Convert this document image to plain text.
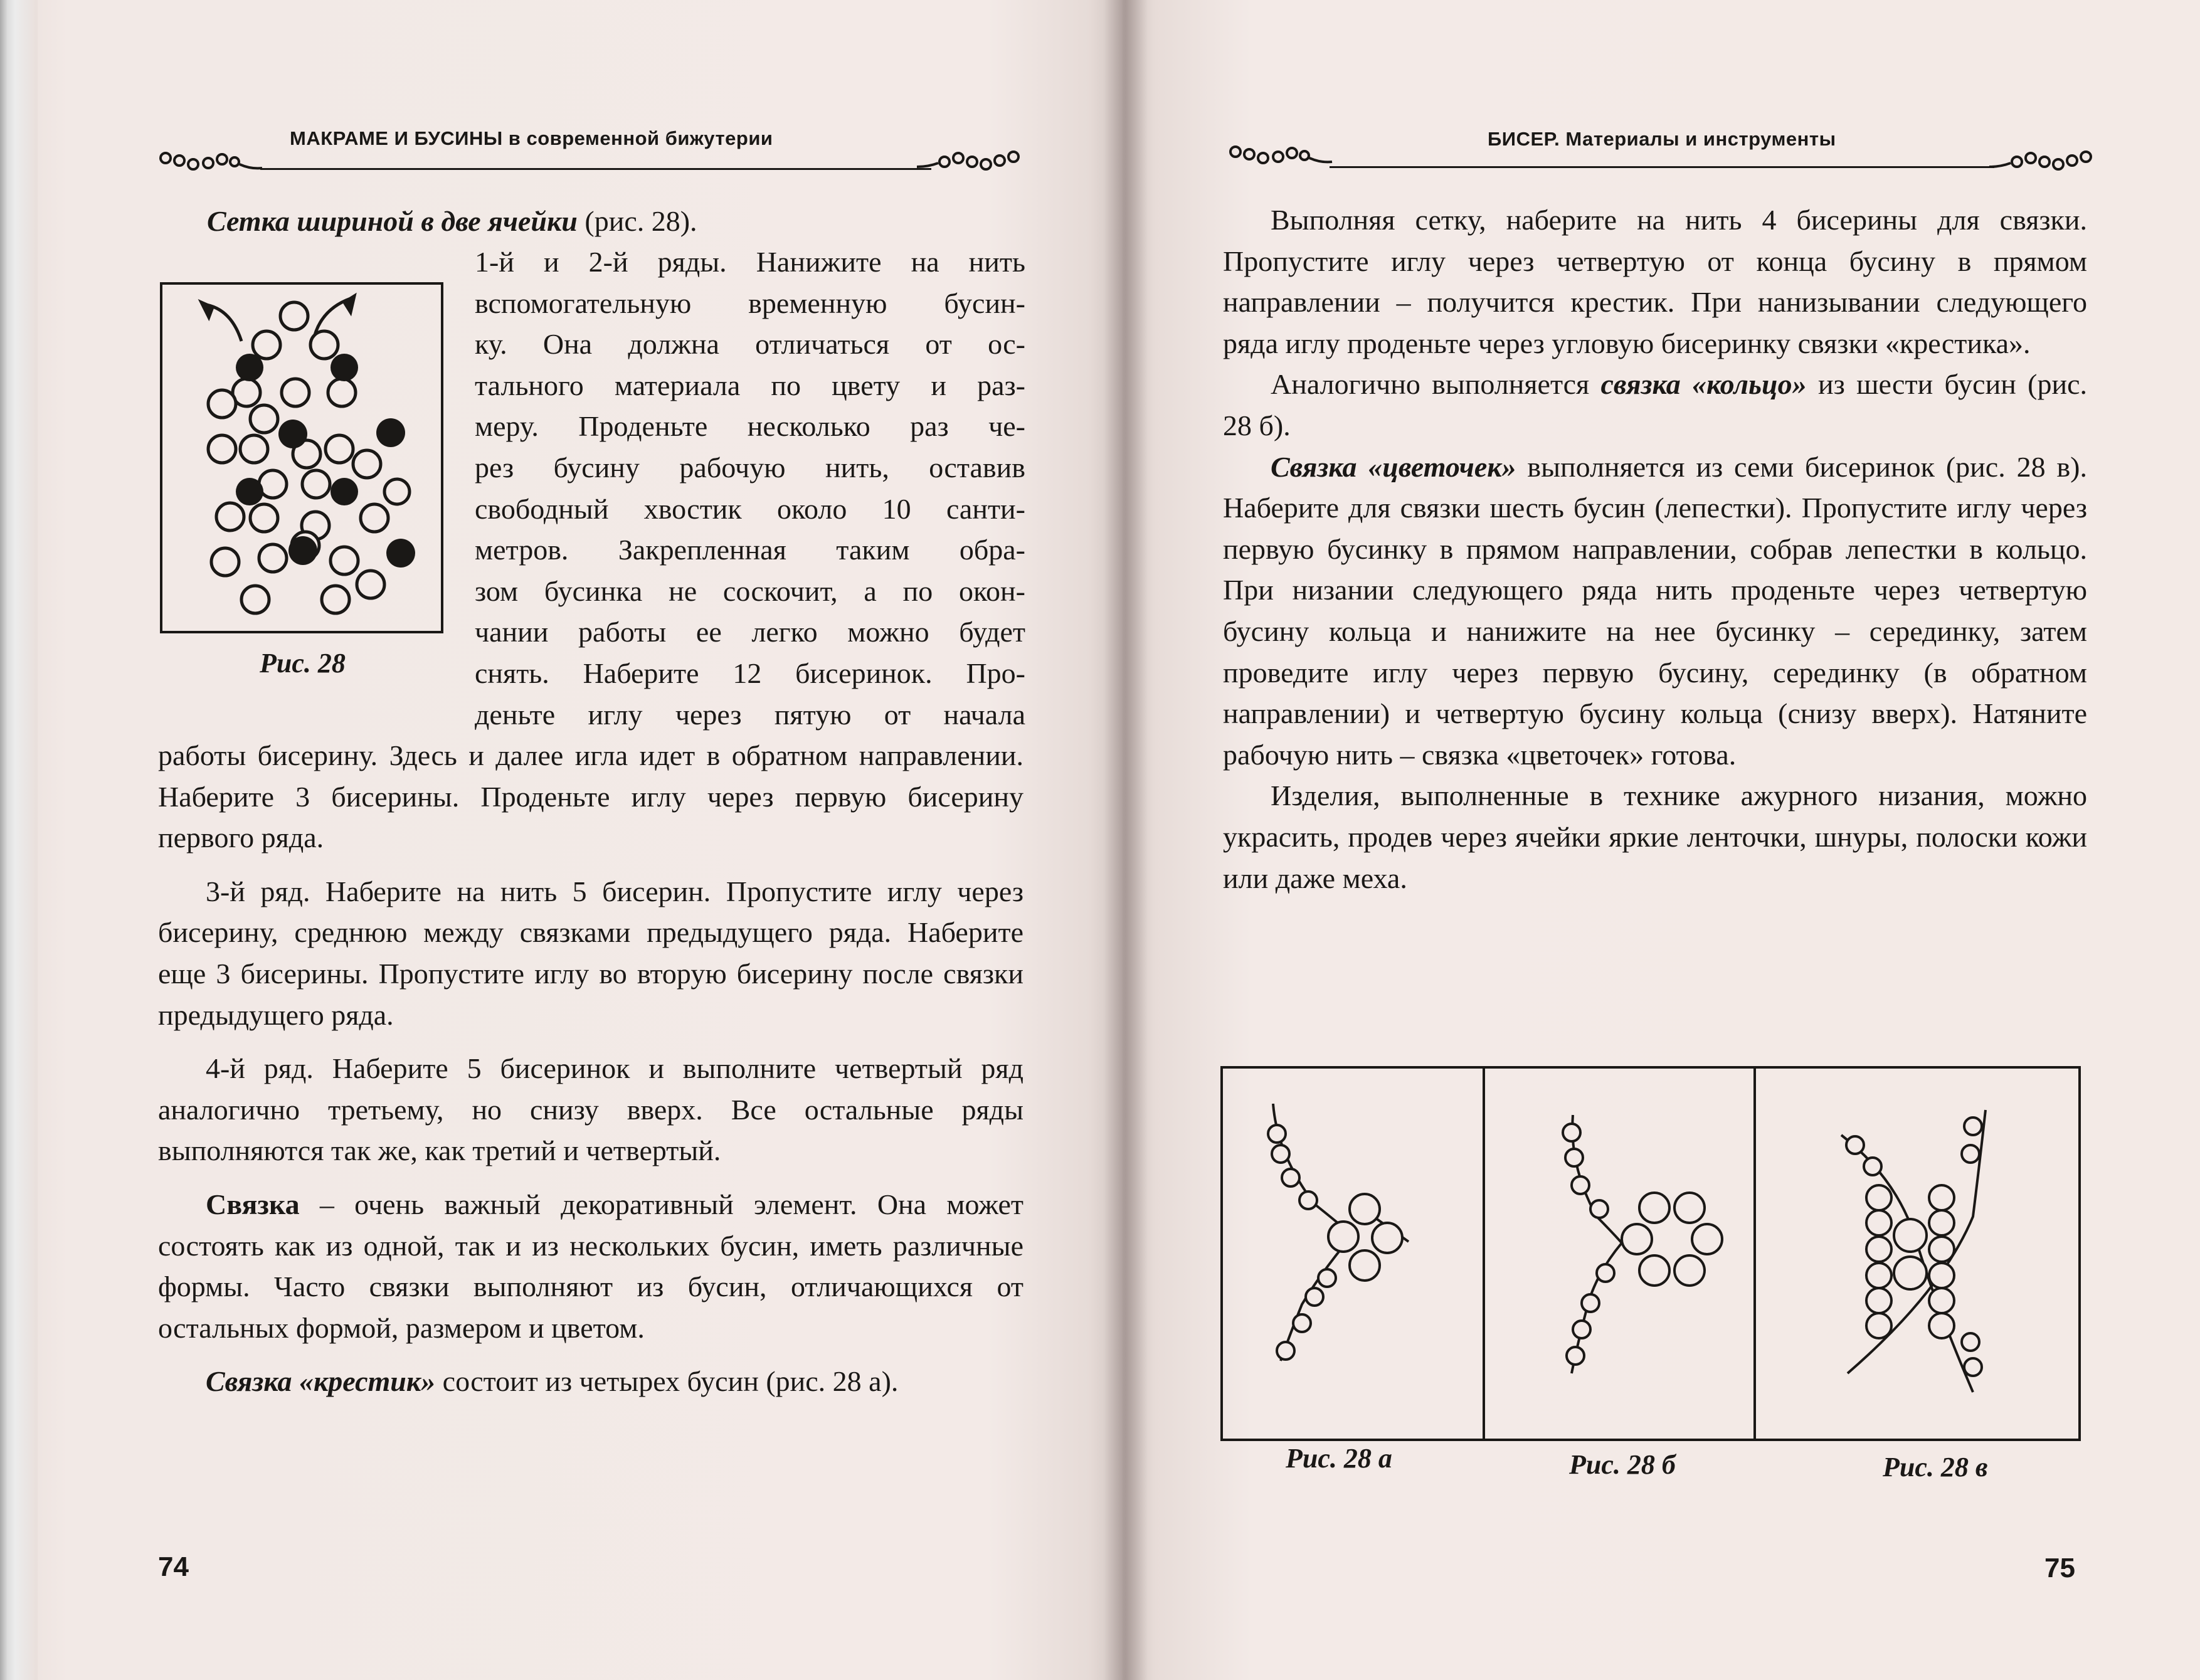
МАКРАМЕ И БУСИНЫ в современной бижутерии
Сетка шириной в две ячейки (рис. 28).
Рис. 28

1-й и 2-й ряды. Нанижите на нить

вспомогательную временную бусин-

ку. Она должна отличаться от ос-

тального материала по цвету и раз-

меру. Проденьте несколько раз че-

рез бусину рабочую нить, оставив

свободный хвостик около 10 санти-

метров. Закрепленная таким обра-

зом бусинка не соскочит, а по окон-

чании работы ее легко можно будет

снять. Наберите 12 бисеринок. Про-

деньте иглу через пятую от начала

работы бисерину. Здесь и далее игла идет в обратном направлении. Наберите 3 бисерины. Проденьте иглу через первую бисерину первого ряда.

3-й ряд. Наберите на нить 5 бисерин. Пропустите иглу через бисерину, среднюю между связками предыдущего ряда. Наберите еще 3 бисерины. Пропустите иглу во вторую бисерину после связки предыдущего ряда.

4-й ряд. Наберите 5 бисеринок и выполните четвертый ряд аналогично третьему, но снизу вверх. Все остальные ряды выполняются так же, как третий и четвертый.

Связка – очень важный декоративный элемент. Она может состоять как из одной, так и из нескольких бусин, иметь различные формы. Часто связки выполняют из бусин, отличающихся от остальных формой, размером и цветом.

Связка «крестик» состоит из четырех бусин (рис. 28 а).

74
БИСЕР. Материалы и инструменты

Выполняя сетку, наберите на нить 4 бисерины для связки. Пропустите иглу через четвертую от конца бусину в прямом направлении – получится крестик. При нанизывании следующего ряда иглу проденьте через угловую бисеринку связки «крестика».

Аналогично выполняется связка «кольцо» из шести бусин (рис. 28 б).

Связка «цветочек» выполняется из семи бисеринок (рис. 28 в). Наберите для связки шесть бусин (лепестки). Пропустите иглу через первую бусинку в прямом направлении, собрав лепестки в кольцо. При низании следующего ряда нить проденьте через четвертую бусину кольца и нанижите на нее бусинку – серединку, затем проведите иглу через первую бусину, серединку (в обратном направлении) и четвертую бусину кольца (снизу вверх). Натяните рабочую нить – связка «цветочек» готова.

Изделия, выполненные в технике ажурного низания, можно украсить, продев через ячейки яркие ленточки, шнуры, полоски кожи или даже меха.

Рис. 28 а	Рис. 28 б	Рис. 28 в
75
